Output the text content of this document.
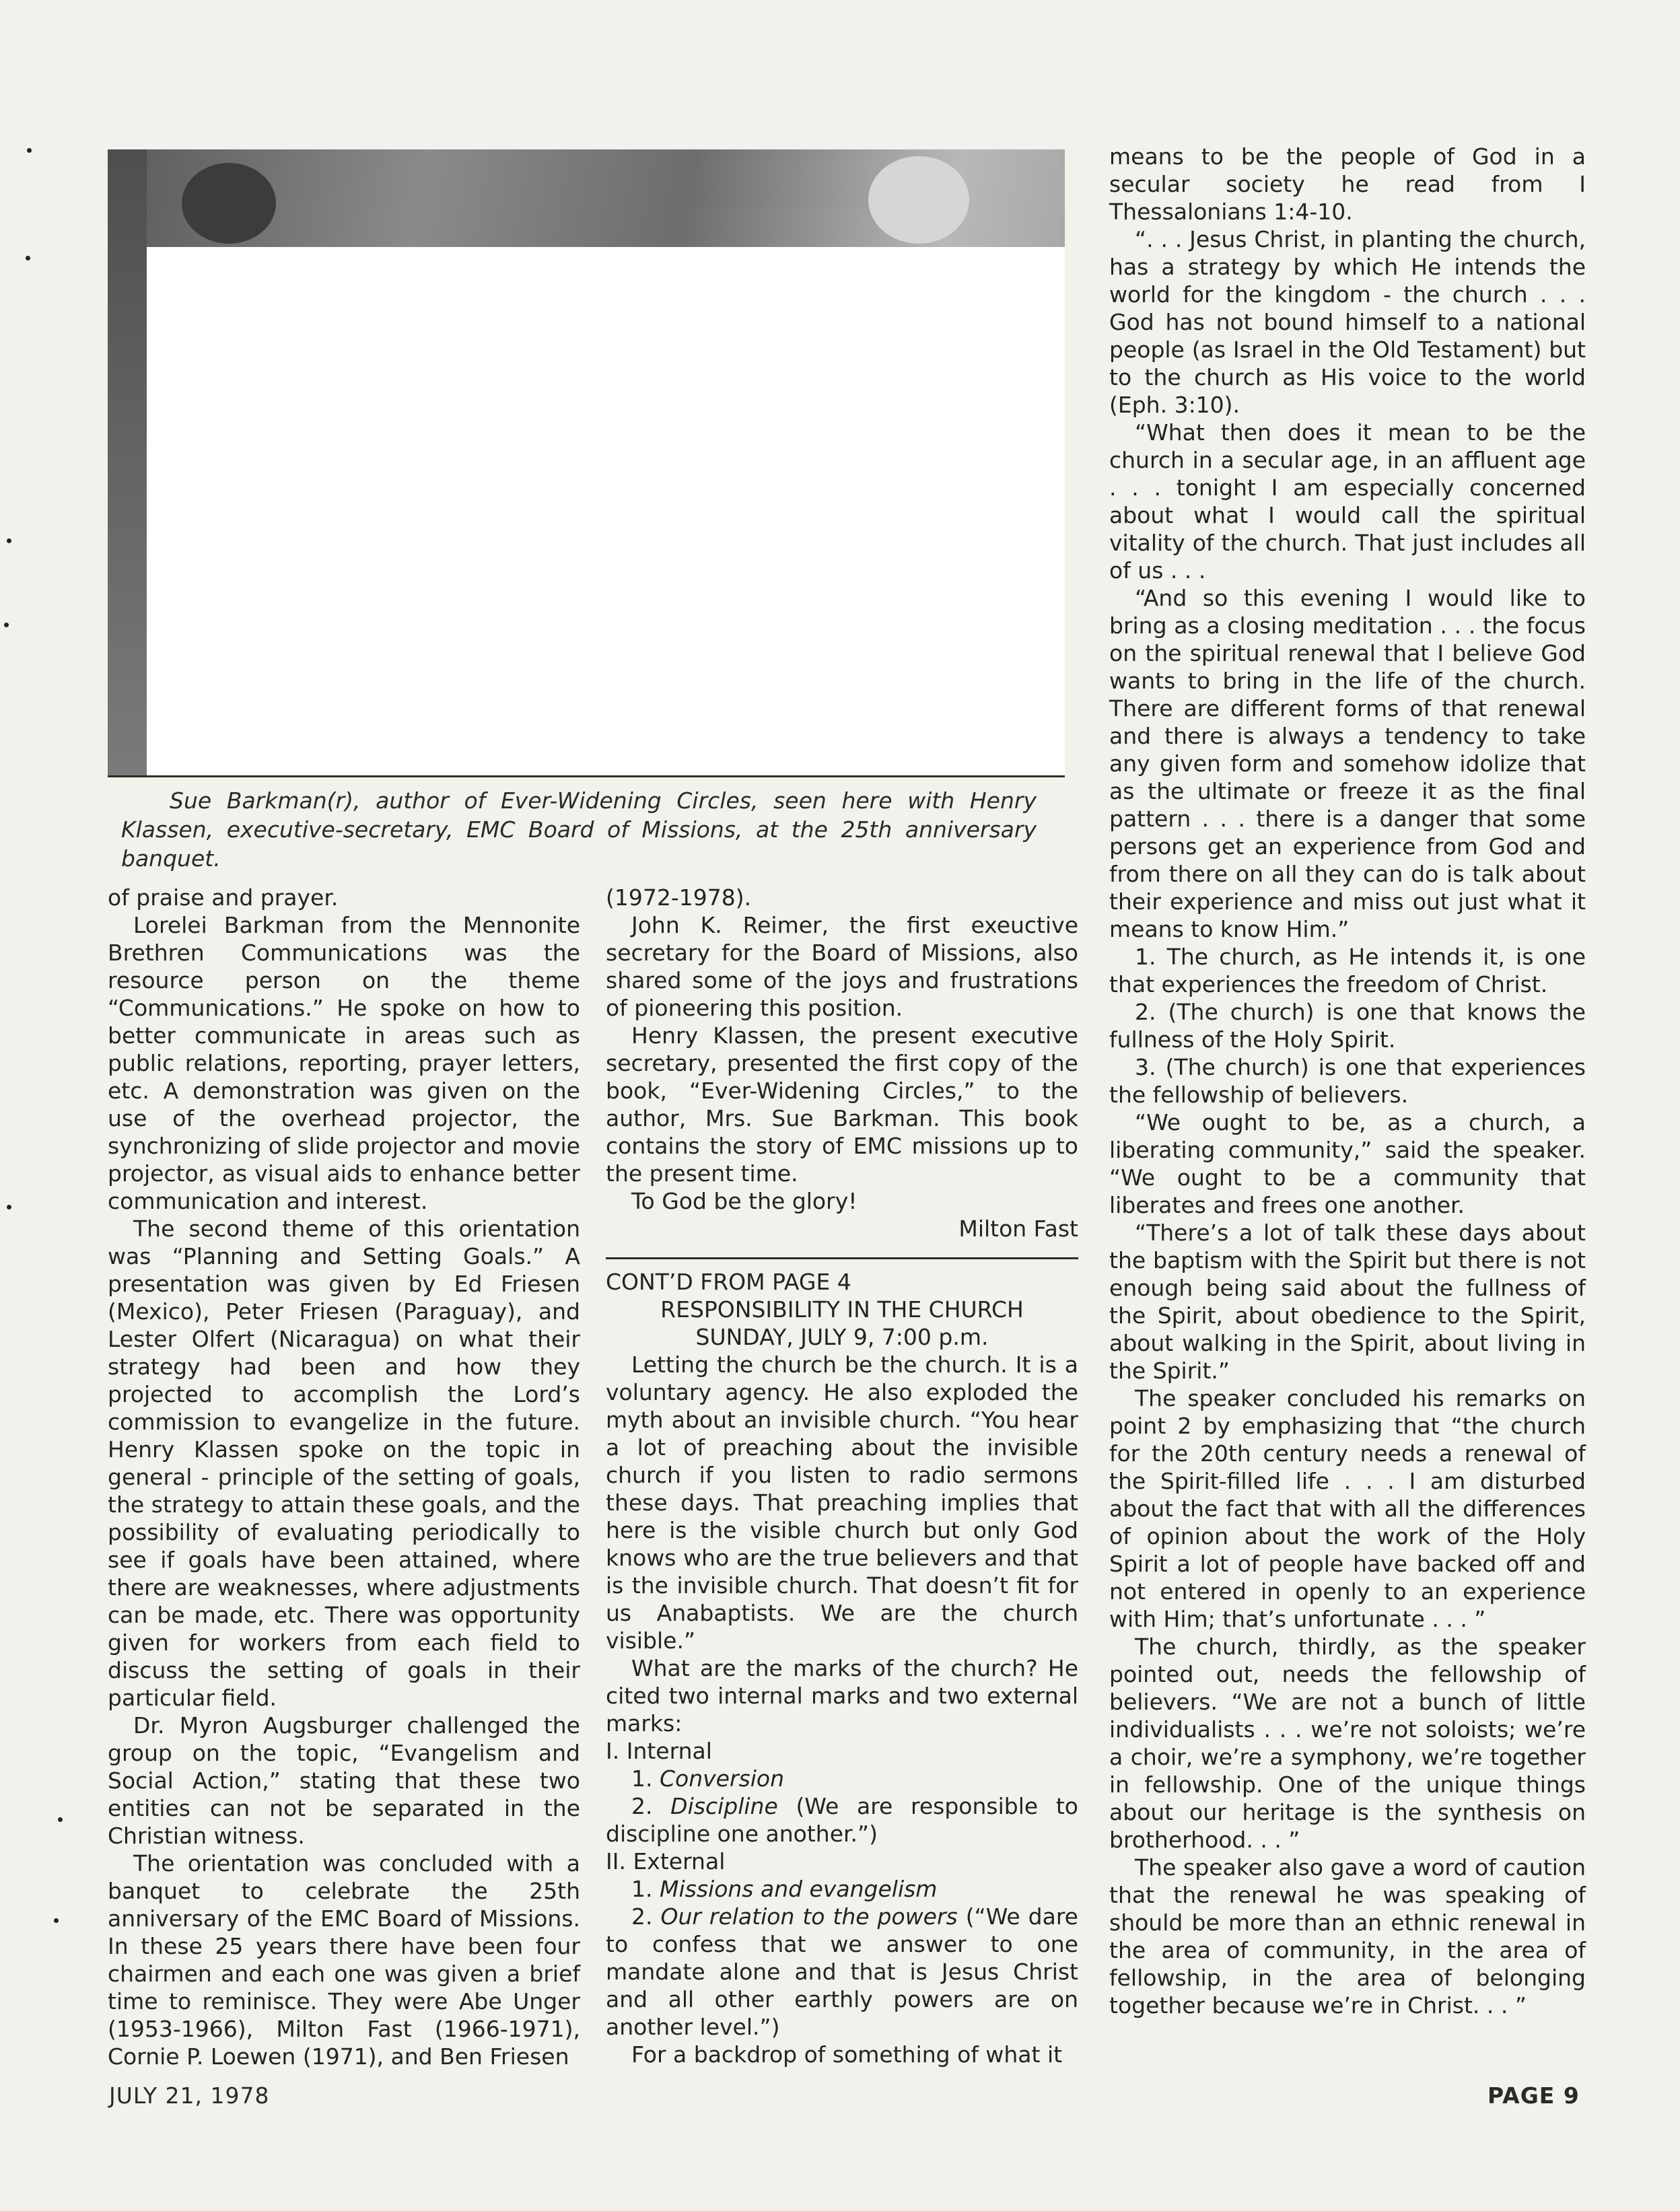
Sue Barkman(r), author of Ever-Widening Circles, seen here with Henry Klassen, executive-secretary, EMC Board of Missions, at the 25th anniversary banquet.

of praise and prayer.

Lorelei Barkman from the Mennonite Brethren Communications was the resource person on the theme “Communications.” He spoke on how to better communicate in areas such as public relations, reporting, prayer letters, etc. A demonstration was given on the use of the overhead projector, the synchronizing of slide projector and movie projector, as visual aids to enhance better communication and interest.

The second theme of this orientation was “Planning and Setting Goals.” A presentation was given by Ed Friesen (Mexico), Peter Friesen (Paraguay), and Lester Olfert (Nicaragua) on what their strategy had been and how they projected to accomplish the Lord’s commission to evangelize in the future. Henry Klassen spoke on the topic in general - principle of the setting of goals, the strategy to attain these goals, and the possibility of evaluating periodically to see if goals have been attained, where there are weaknesses, where adjustments can be made, etc. There was opportunity given for workers from each field to discuss the setting of goals in their particular field.

Dr. Myron Augsburger challenged the group on the topic, “Evangelism and Social Action,” stating that these two entities can not be separated in the Christian witness.

The orientation was concluded with a banquet to celebrate the 25th anniversary of the EMC Board of Missions. In these 25 years there have been four chairmen and each one was given a brief time to reminisce. They were Abe Unger (1953-1966), Milton Fast (1966-1971), Cornie P. Loewen (1971), and Ben Friesen

(1972-1978).

John K. Reimer, the first exeuctive secretary for the Board of Missions, also shared some of the joys and frustrations of pioneering this position.

Henry Klassen, the present executive secretary, presented the first copy of the book, “Ever-Widening Circles,” to the author, Mrs. Sue Barkman. This book contains the story of EMC missions up to the present time.

To God be the glory!

Milton Fast

CONT’D FROM PAGE 4

RESPONSIBILITY IN THE CHURCH

SUNDAY, JULY 9, 7:00 p.m.

Letting the church be the church. It is a voluntary agency. He also exploded the myth about an invisible church. “You hear a lot of preaching about the invisible church if you listen to radio sermons these days. That preaching implies that here is the visible church but only God knows who are the true believers and that is the invisible church. That doesn’t fit for us Anabaptists. We are the church visible.”

What are the marks of the church? He cited two internal marks and two external marks:

I. Internal

1. Conversion

2. Discipline (We are responsible to discipline one another.”)

II. External

1. Missions and evangelism

2. Our relation to the powers (“We dare to confess that we answer to one mandate alone and that is Jesus Christ and all other earthly powers are on another level.”)

For a backdrop of something of what it

means to be the people of God in a secular society he read from I Thessalonians 1:4-10.

“. . . Jesus Christ, in planting the church, has a strategy by which He intends the world for the kingdom - the church . . . God has not bound himself to a national people (as Israel in the Old Testament) but to the church as His voice to the world (Eph. 3:10).

“What then does it mean to be the church in a secular age, in an affluent age . . . tonight I am especially concerned about what I would call the spiritual vitality of the church. That just includes all of us . . .

“And so this evening I would like to bring as a closing meditation . . . the focus on the spiritual renewal that I believe God wants to bring in the life of the church. There are different forms of that renewal and there is always a tendency to take any given form and somehow idolize that as the ultimate or freeze it as the final pattern . . . there is a danger that some persons get an experience from God and from there on all they can do is talk about their experience and miss out just what it means to know Him.”

1. The church, as He intends it, is one that experiences the freedom of Christ.

2. (The church) is one that knows the fullness of the Holy Spirit.

3. (The church) is one that experiences the fellowship of believers.

“We ought to be, as a church, a liberating community,” said the speaker. “We ought to be a community that liberates and frees one another.

“There’s a lot of talk these days about the baptism with the Spirit but there is not enough being said about the fullness of the Spirit, about obedience to the Spirit, about walking in the Spirit, about living in the Spirit.”

The speaker concluded his remarks on point 2 by emphasizing that “the church for the 20th century needs a renewal of the Spirit-filled life . . . I am disturbed about the fact that with all the differences of opinion about the work of the Holy Spirit a lot of people have backed off and not entered in openly to an experience with Him; that’s unfortunate . . . ”

The church, thirdly, as the speaker pointed out, needs the fellowship of believers. “We are not a bunch of little individualists . . . we’re not soloists; we’re a choir, we’re a symphony, we’re together in fellowship. One of the unique things about our heritage is the synthesis on brotherhood. . . ”

The speaker also gave a word of caution that the renewal he was speaking of should be more than an ethnic renewal in the area of community, in the area of fellowship, in the area of belonging together because we’re in Christ. . . ”

JULY 21, 1978	PAGE 9
